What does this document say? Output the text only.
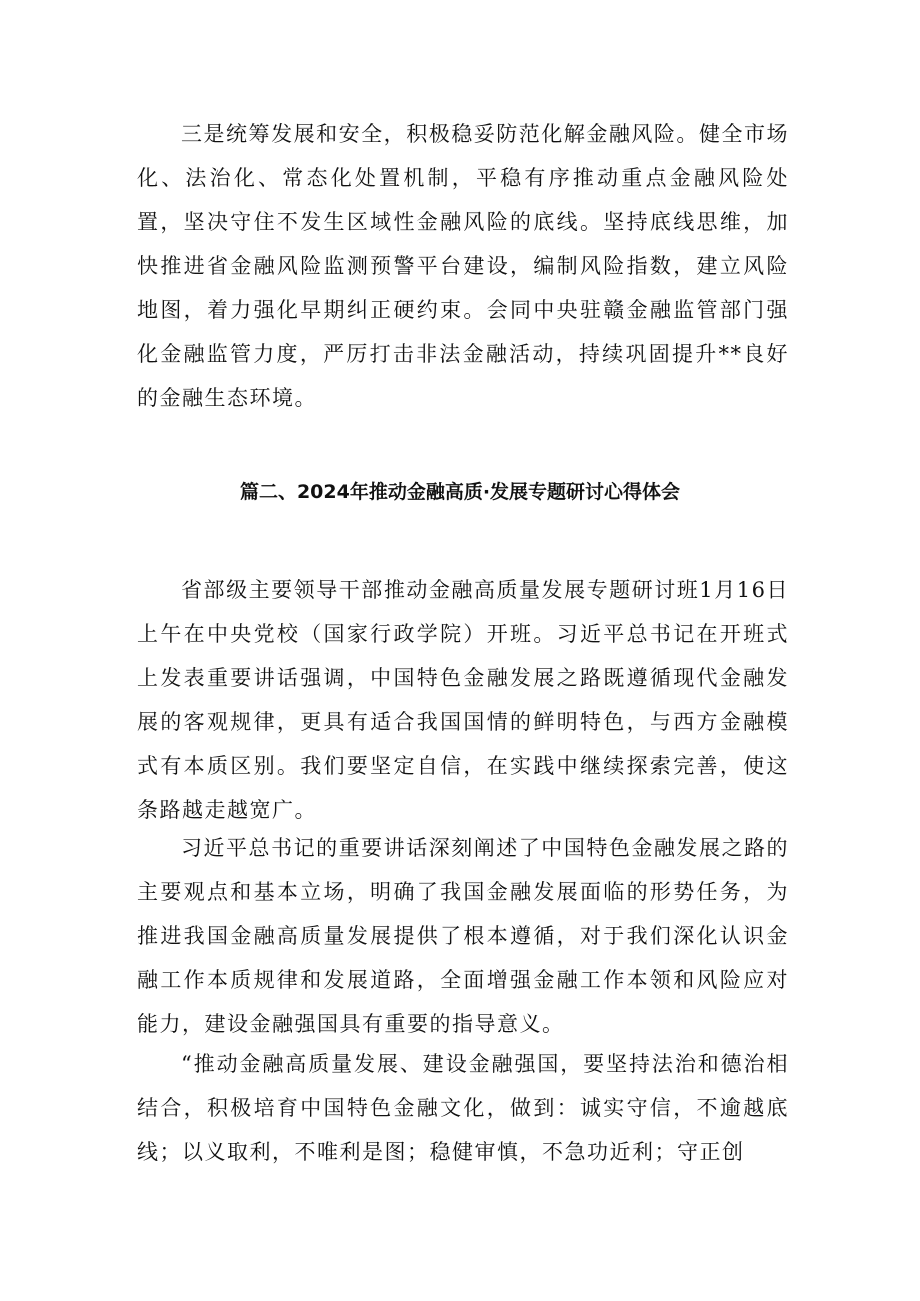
三是统筹发展和安全，积极稳妥防范化解金融风险。健全市场化、法治化、常态化处置机制，平稳有序推动重点金融风险处置，坚决守住不发生区域性金融风险的底线。坚持底线思维，加快推进省金融风险监测预警平台建设，编制风险指数，建立风险地图，着力强化早期纠正硬约束。会同中央驻赣金融监管部门强化金融监管力度，严厉打击非法金融活动，持续巩固提升**良好的金融生态环境。

篇二、2024年推动金融高质·发展专题研讨心得体会

省部级主要领导干部推动金融高质量发展专题研讨班1月16日上午在中央党校（国家行政学院）开班。习近平总书记在开班式上发表重要讲话强调，中国特色金融发展之路既遵循现代金融发展的客观规律，更具有适合我国国情的鲜明特色，与西方金融模式有本质区别。我们要坚定自信，在实践中继续探索完善，使这条路越走越宽广。

习近平总书记的重要讲话深刻阐述了中国特色金融发展之路的主要观点和基本立场，明确了我国金融发展面临的形势任务，为推进我国金融高质量发展提供了根本遵循，对于我们深化认识金融工作本质规律和发展道路，全面增强金融工作本领和风险应对能力，建设金融强国具有重要的指导意义。

“推动金融高质量发展、建设金融强国，要坚持法治和德治相结合，积极培育中国特色金融文化，做到：诚实守信，不逾越底线；以义取利，不唯利是图；稳健审慎，不急功近利；守正创
